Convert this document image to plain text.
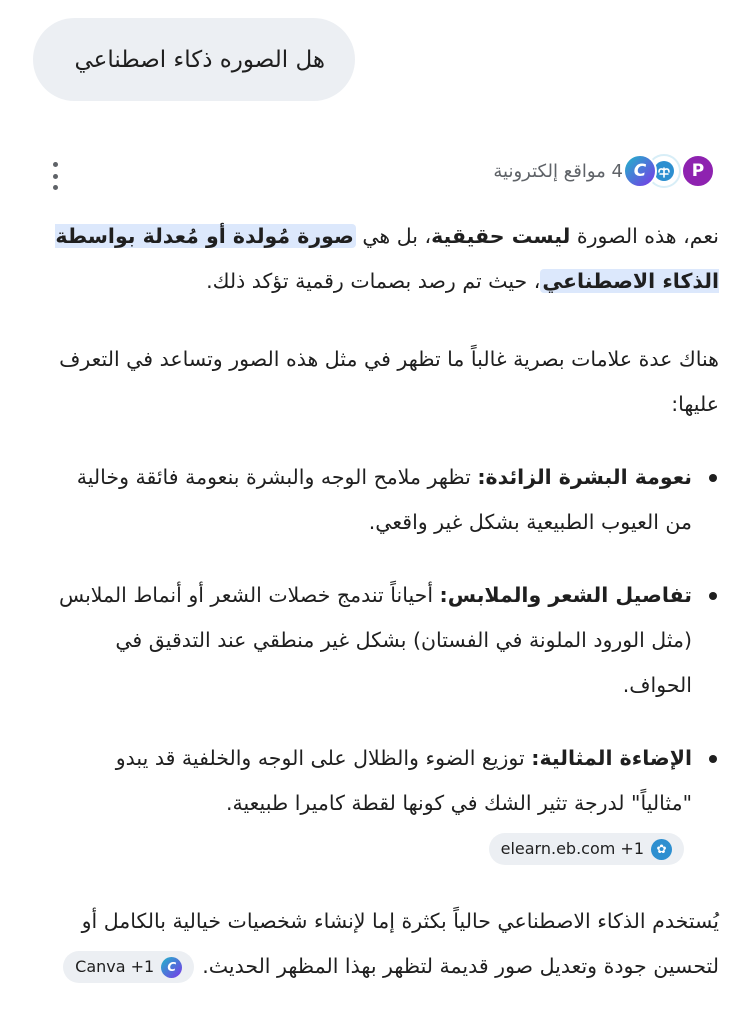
هل الصوره ذكاء اصطناعي
P
C
4 مواقع إلكترونية

نعم، هذه الصورة ليست حقيقية، بل هي صورة مُولدة أو مُعدلة بواسطة الذكاء الاصطناعي، حيث تم رصد بصمات رقمية تؤكد ذلك.

هناك عدة علامات بصرية غالباً ما تظهر في مثل هذه الصور وتساعد في التعرف عليها:

نعومة البشرة الزائدة: تظهر ملامح الوجه والبشرة بنعومة فائقة وخالية من العيوب الطبيعية بشكل غير واقعي.
تفاصيل الشعر والملابس: أحياناً تندمج خصلات الشعر أو أنماط الملابس (مثل الورود الملونة في الفستان) بشكل غير منطقي عند التدقيق في الحواف.
الإضاءة المثالية: توزيع الضوء والظلال على الوجه والخلفية قد يبدو "مثالياً" لدرجة تثير الشك في كونها لقطة كاميرا طبيعية.
✿
elearn.eb.com +1

يُستخدم الذكاء الاصطناعي حالياً بكثرة إما لإنشاء شخصيات خيالية بالكامل أو لتحسين جودة وتعديل صور قديمة لتظهر بهذا المظهر الحديث.
C
Canva +1
